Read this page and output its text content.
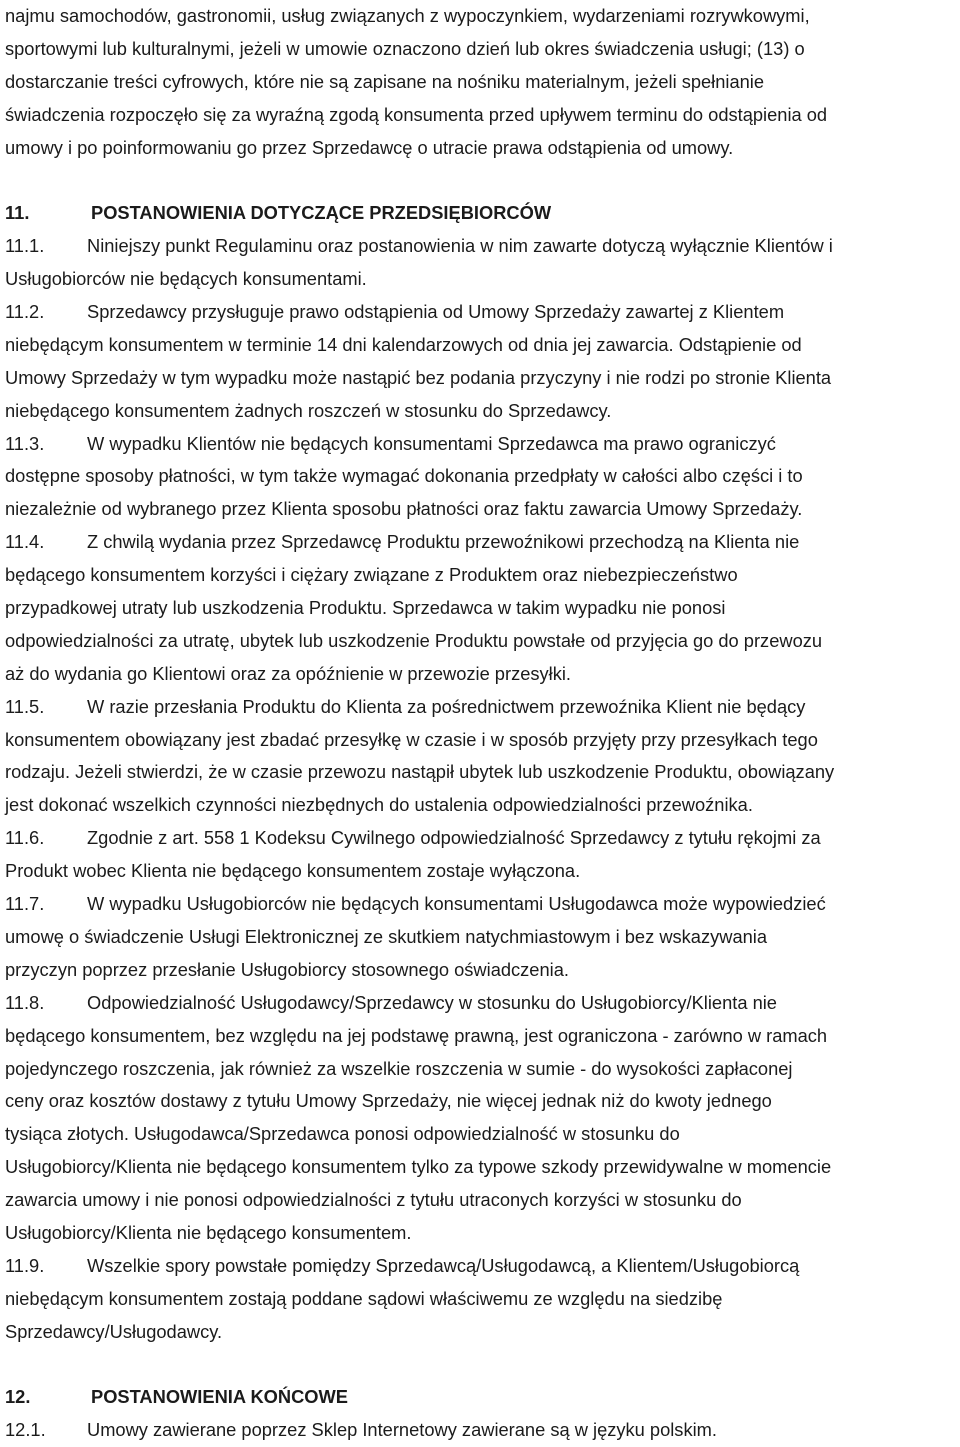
najmu samochodów, gastronomii, usług związanych z wypoczynkiem, wydarzeniami rozrywkowymi,
sportowymi lub kulturalnymi, jeżeli w umowie oznaczono dzień lub okres świadczenia usługi; (13) o
dostarczanie treści cyfrowych, które nie są zapisane na nośniku materialnym, jeżeli spełnianie
świadczenia rozpoczęło się za wyraźną zgodą konsumenta przed upływem terminu do odstąpienia od
umowy i po poinformowaniu go przez Sprzedawcę o utracie prawa odstąpienia od umowy.
11.	POSTANOWIENIA DOTYCZĄCE PRZEDSIĘBIORCÓW
11.1. Niniejszy punkt Regulaminu oraz postanowienia w nim zawarte dotyczą wyłącznie Klientów i
Usługobiorców nie będących konsumentami.
11.2. Sprzedawcy przysługuje prawo odstąpienia od Umowy Sprzedaży zawartej z Klientem
niebędącym konsumentem w terminie 14 dni kalendarzowych od dnia jej zawarcia. Odstąpienie od
Umowy Sprzedaży w tym wypadku może nastąpić bez podania przyczyny i nie rodzi po stronie Klienta
niebędącego konsumentem żadnych roszczeń w stosunku do Sprzedawcy.
11.3. W wypadku Klientów nie będących konsumentami Sprzedawca ma prawo ograniczyć
dostępne sposoby płatności, w tym także wymagać dokonania przedpłaty w całości albo części i to
niezależnie od wybranego przez Klienta sposobu płatności oraz faktu zawarcia Umowy Sprzedaży.
11.4. Z chwilą wydania przez Sprzedawcę Produktu przewoźnikowi przechodzą na Klienta nie
będącego konsumentem korzyści i ciężary związane z Produktem oraz niebezpieczeństwo
przypadkowej utraty lub uszkodzenia Produktu. Sprzedawca w takim wypadku nie ponosi
odpowiedzialności za utratę, ubytek lub uszkodzenie Produktu powstałe od przyjęcia go do przewozu
aż do wydania go Klientowi oraz za opóźnienie w przewozie przesyłki.
11.5. W razie przesłania Produktu do Klienta za pośrednictwem przewoźnika Klient nie będący
konsumentem obowiązany jest zbadać przesyłkę w czasie i w sposób przyjęty przy przesyłkach tego
rodzaju. Jeżeli stwierdzi, że w czasie przewozu nastąpił ubytek lub uszkodzenie Produktu, obowiązany
jest dokonać wszelkich czynności niezbędnych do ustalenia odpowiedzialności przewoźnika.
11.6. Zgodnie z art. 558 1 Kodeksu Cywilnego odpowiedzialność Sprzedawcy z tytułu rękojmi za
Produkt wobec Klienta nie będącego konsumentem zostaje wyłączona.
11.7. W wypadku Usługobiorców nie będących konsumentami Usługodawca może wypowiedzieć
umowę o świadczenie Usługi Elektronicznej ze skutkiem natychmiastowym i bez wskazywania
przyczyn poprzez przesłanie Usługobiorcy stosownego oświadczenia.
11.8. Odpowiedzialność Usługodawcy/Sprzedawcy w stosunku do Usługobiorcy/Klienta nie
będącego konsumentem, bez względu na jej podstawę prawną, jest ograniczona - zarówno w ramach
pojedynczego roszczenia, jak również za wszelkie roszczenia w sumie - do wysokości zapłaconej
ceny oraz kosztów dostawy z tytułu Umowy Sprzedaży, nie więcej jednak niż do kwoty jednego
tysiąca złotych. Usługodawca/Sprzedawca ponosi odpowiedzialność w stosunku do
Usługobiorcy/Klienta nie będącego konsumentem tylko za typowe szkody przewidywalne w momencie
zawarcia umowy i nie ponosi odpowiedzialności z tytułu utraconych korzyści w stosunku do
Usługobiorcy/Klienta nie będącego konsumentem.
11.9. Wszelkie spory powstałe pomiędzy Sprzedawcą/Usługodawcą, a Klientem/Usługobiorcą
niebędącym konsumentem zostają poddane sądowi właściwemu ze względu na siedzibę
Sprzedawcy/Usługodawcy.
12.	POSTANOWIENIA KOŃCOWE
12.1. Umowy zawierane poprzez Sklep Internetowy zawierane są w języku polskim.
